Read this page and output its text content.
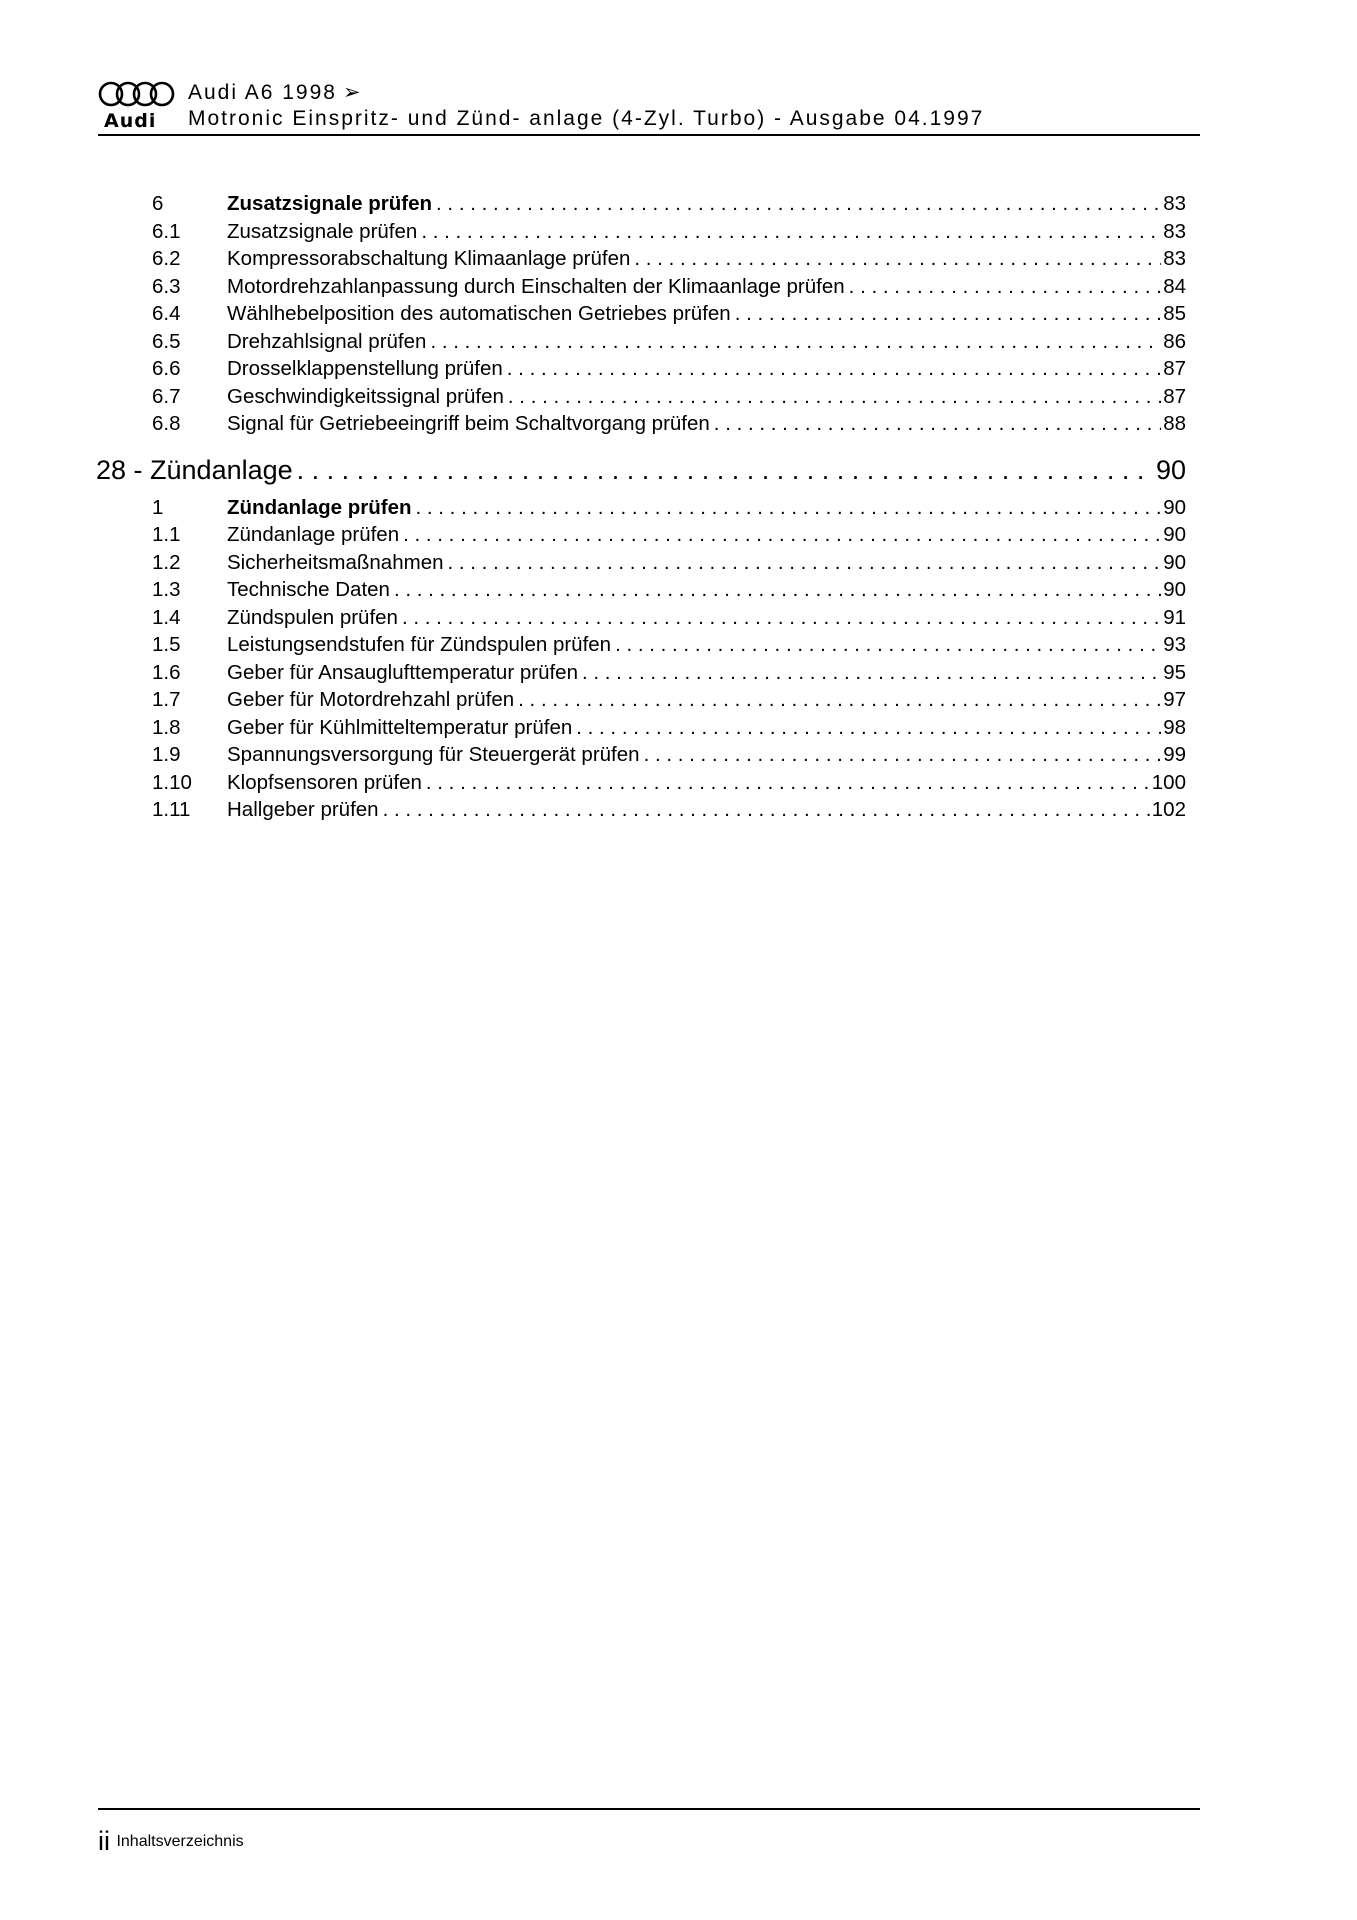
Audi
Audi A6 1998 ➢
Motronic Einspritz- und Zünd- anlage (4-Zyl. Turbo) - Ausgabe 04.1997
6	Zusatzsignale prüfen . . .	83
6.1 Zusatzsignale prüfen . . .	83
6.2 Kompressorabschaltung Klimaanlage prüfen . . .	83
6.3 Motordrehzahlanpassung durch Einschalten der Klimaanlage prüfen . . .	84
6.4 Wählhebelposition des automatischen Getriebes prüfen . . .	85
6.5 Drehzahlsignal prüfen . . .	86
6.6 Drosselklappenstellung prüfen . . .	87
6.7 Geschwindigkeitssignal prüfen . . .	87
6.8 Signal für Getriebeeingriff beim Schaltvorgang prüfen . . .	88
28 - Zündanlage . . .	90
1	Zündanlage prüfen . . .	90
1.1 Zündanlage prüfen . . .	90
1.2 Sicherheitsmaßnahmen . . .	90
1.3 Technische Daten . . .	90
1.4 Zündspulen prüfen . . .	91
1.5 Leistungsendstufen für Zündspulen prüfen . . .	93
1.6 Geber für Ansauglufttemperatur prüfen . . .	95
1.7 Geber für Motordrehzahl prüfen . . .	97
1.8 Geber für Kühlmitteltemperatur prüfen . . .	98
1.9 Spannungsversorgung für Steuergerät prüfen . . .	99
1.10 Klopfsensoren prüfen . . .	100
1.11 Hallgeber prüfen . . .	102
ii Inhaltsverzeichnis
